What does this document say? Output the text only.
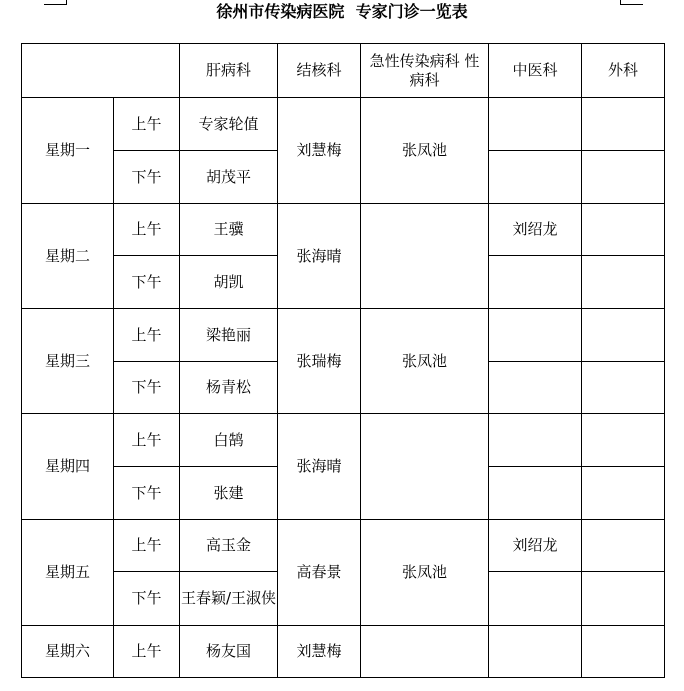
徐州市传染病医院  专家门诊一览表
		肝病科	结核科	急性传染病科 性病科	中医科	外科
星期一	上午	专家轮值	刘慧梅	张凤池		
	下午	胡茂平				
星期二	上午	王骥	张海晴		刘绍龙	
	下午	胡凯				
星期三	上午	梁艳丽	张瑞梅	张凤池		
	下午	杨青松				
星期四	上午	白鹄	张海晴			
	下午	张建				
星期五	上午	高玉金	高春景	张凤池	刘绍龙	
	下午	王春颖/王淑侠				
星期六	上午	杨友国	刘慧梅			
